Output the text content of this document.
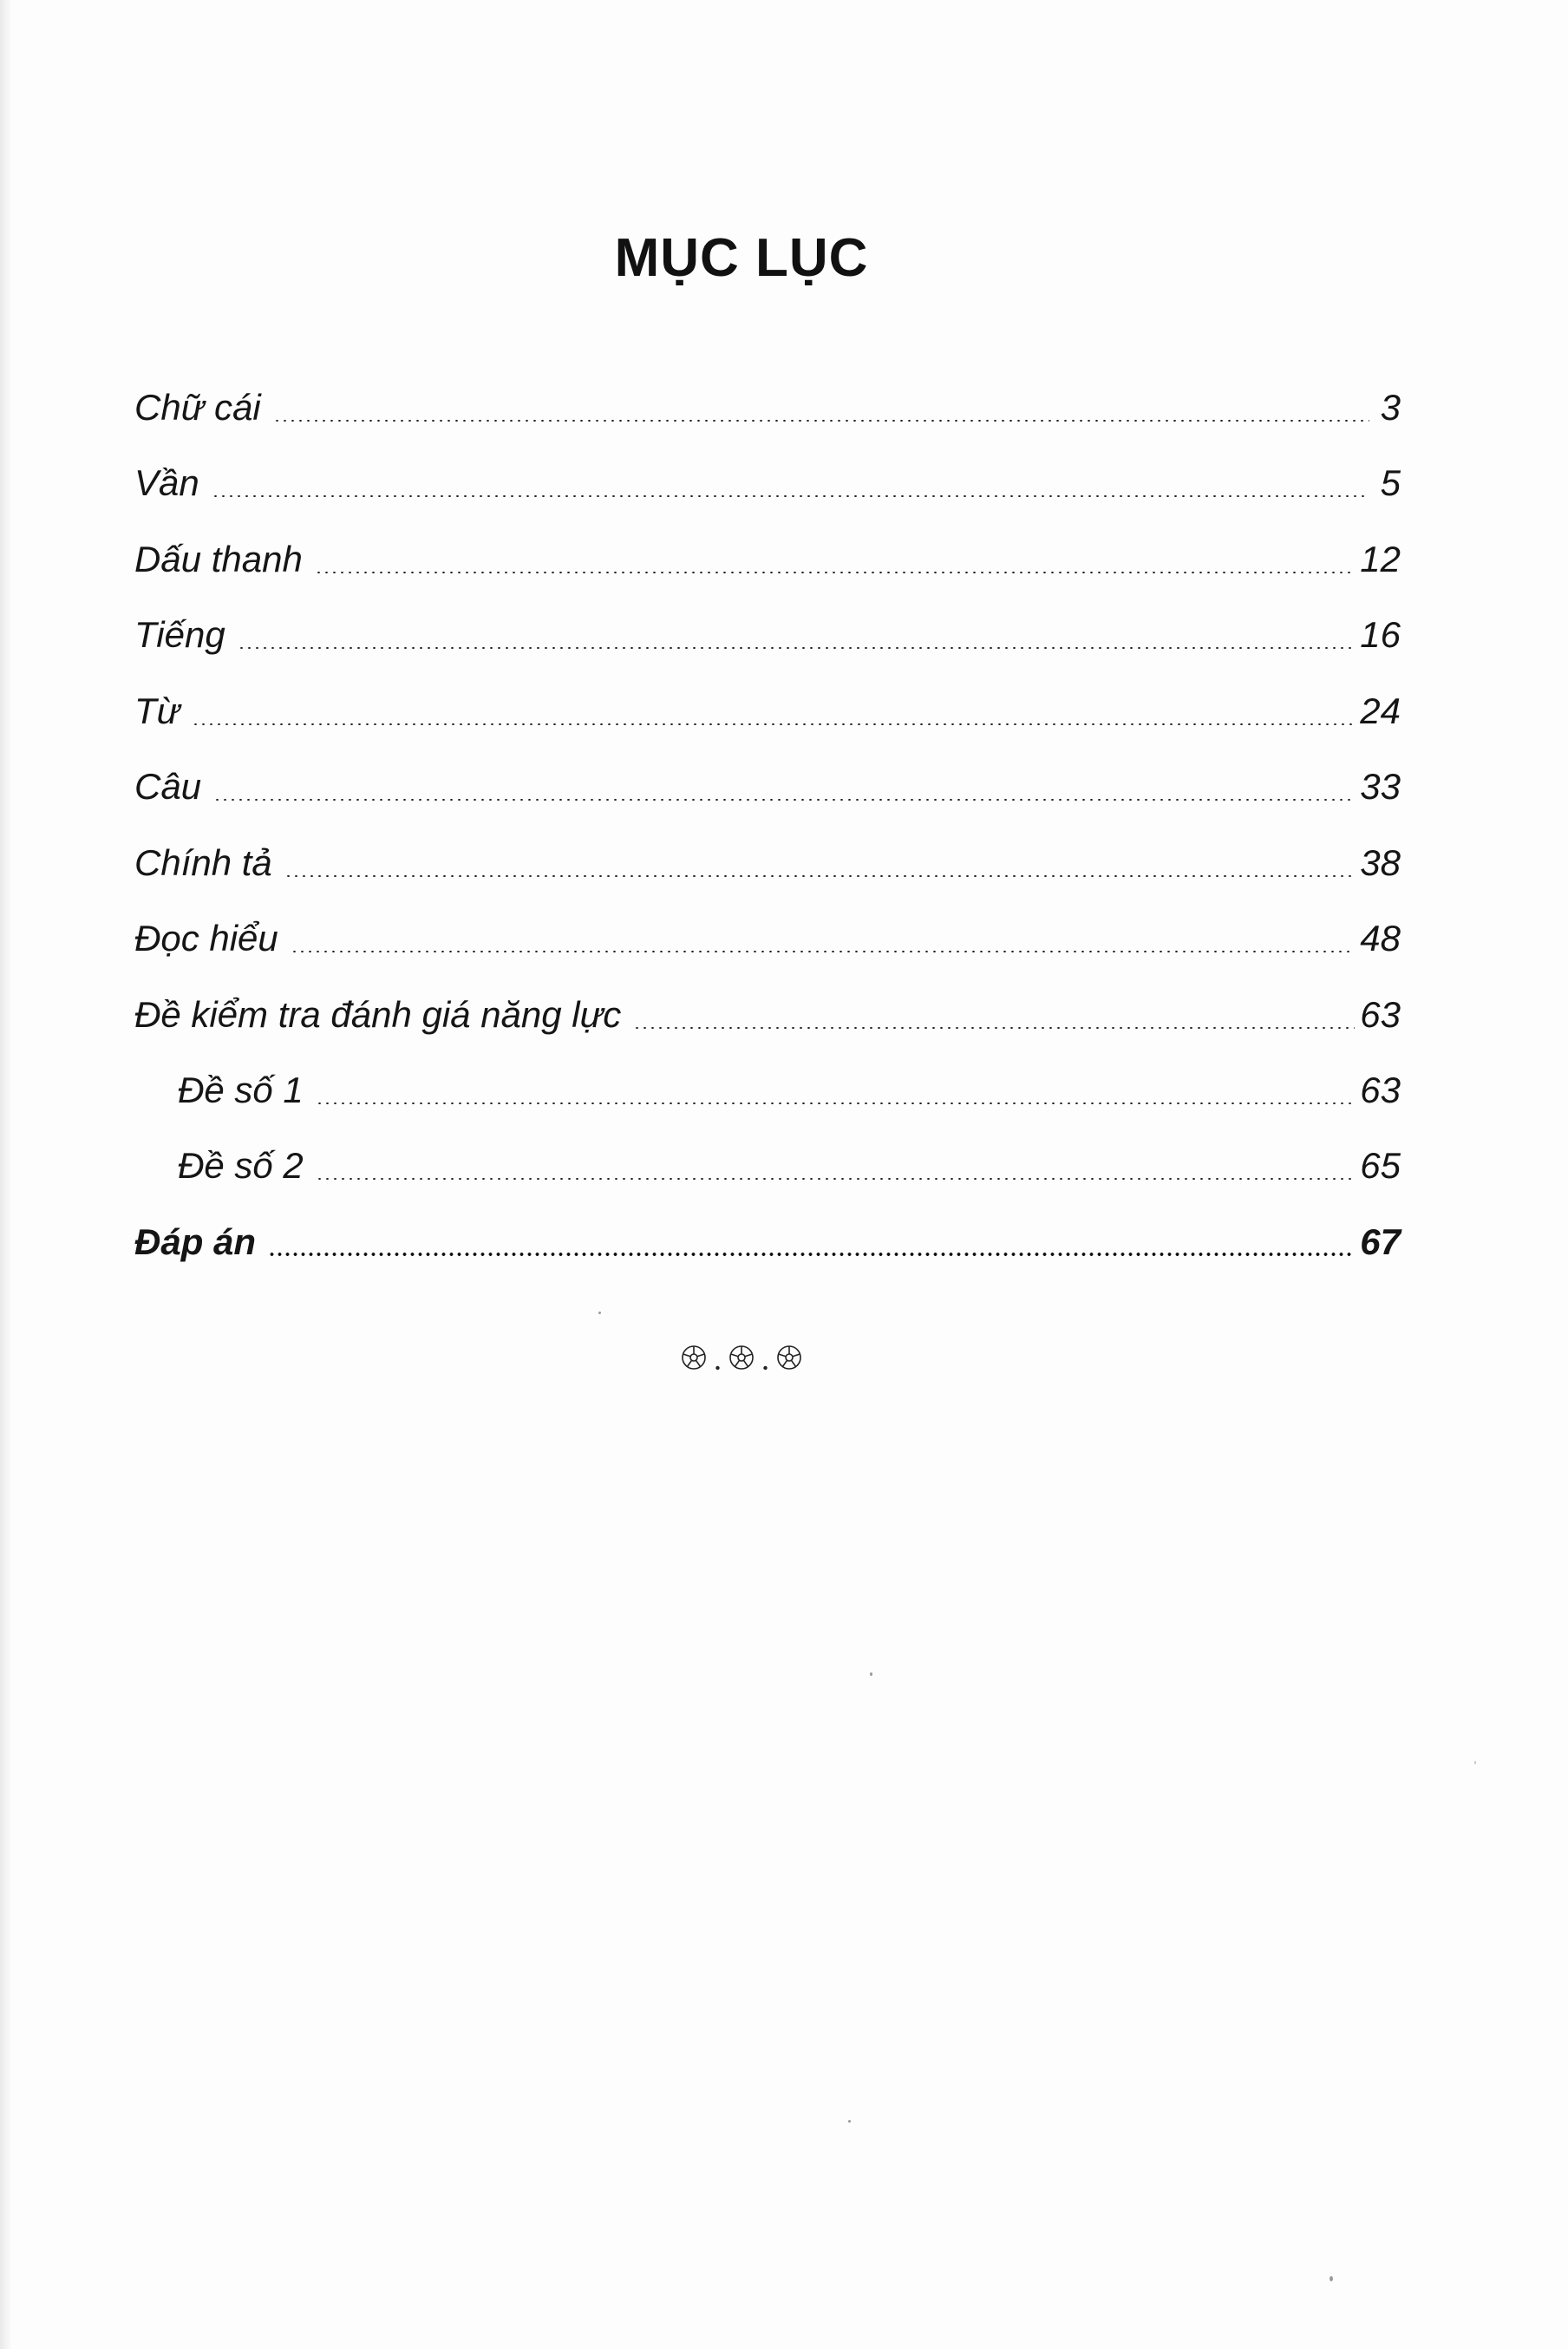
MỤC LỤC
Chữ cái	3
Vần	5
Dấu thanh	12
Tiếng	16
Từ	24
Câu	33
Chính tả	38
Đọc hiểu	48
Đề kiểm tra đánh giá năng lực	63
Đề số 1	63
Đề số 2	65
Đáp án	67
